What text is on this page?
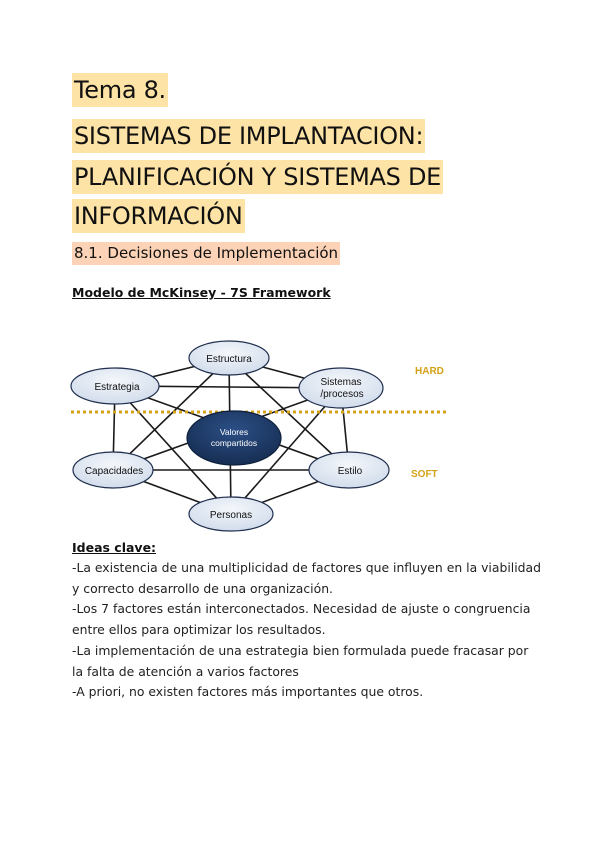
Tema 8.
SISTEMAS DE IMPLANTACION:
PLANIFICACIÓN Y SISTEMAS DE
INFORMACIÓN
8.1. Decisiones de Implementación
Modelo de McKinsey - 7S Framework
Estructura
Estrategia	Sistemas
/procesos
Valores
compartidos
Capacidades	Estilo
Personas
HARD
SOFT
Ideas clave:
-La existencia de una multiplicidad de factores que influyen en la viabilidad
y correcto desarrollo de una organización.
-Los 7 factores están interconectados. Necesidad de ajuste o congruencia
entre ellos para optimizar los resultados.
-La implementación de una estrategia bien formulada puede fracasar por
la falta de atención a varios factores
-A priori, no existen factores más importantes que otros.
